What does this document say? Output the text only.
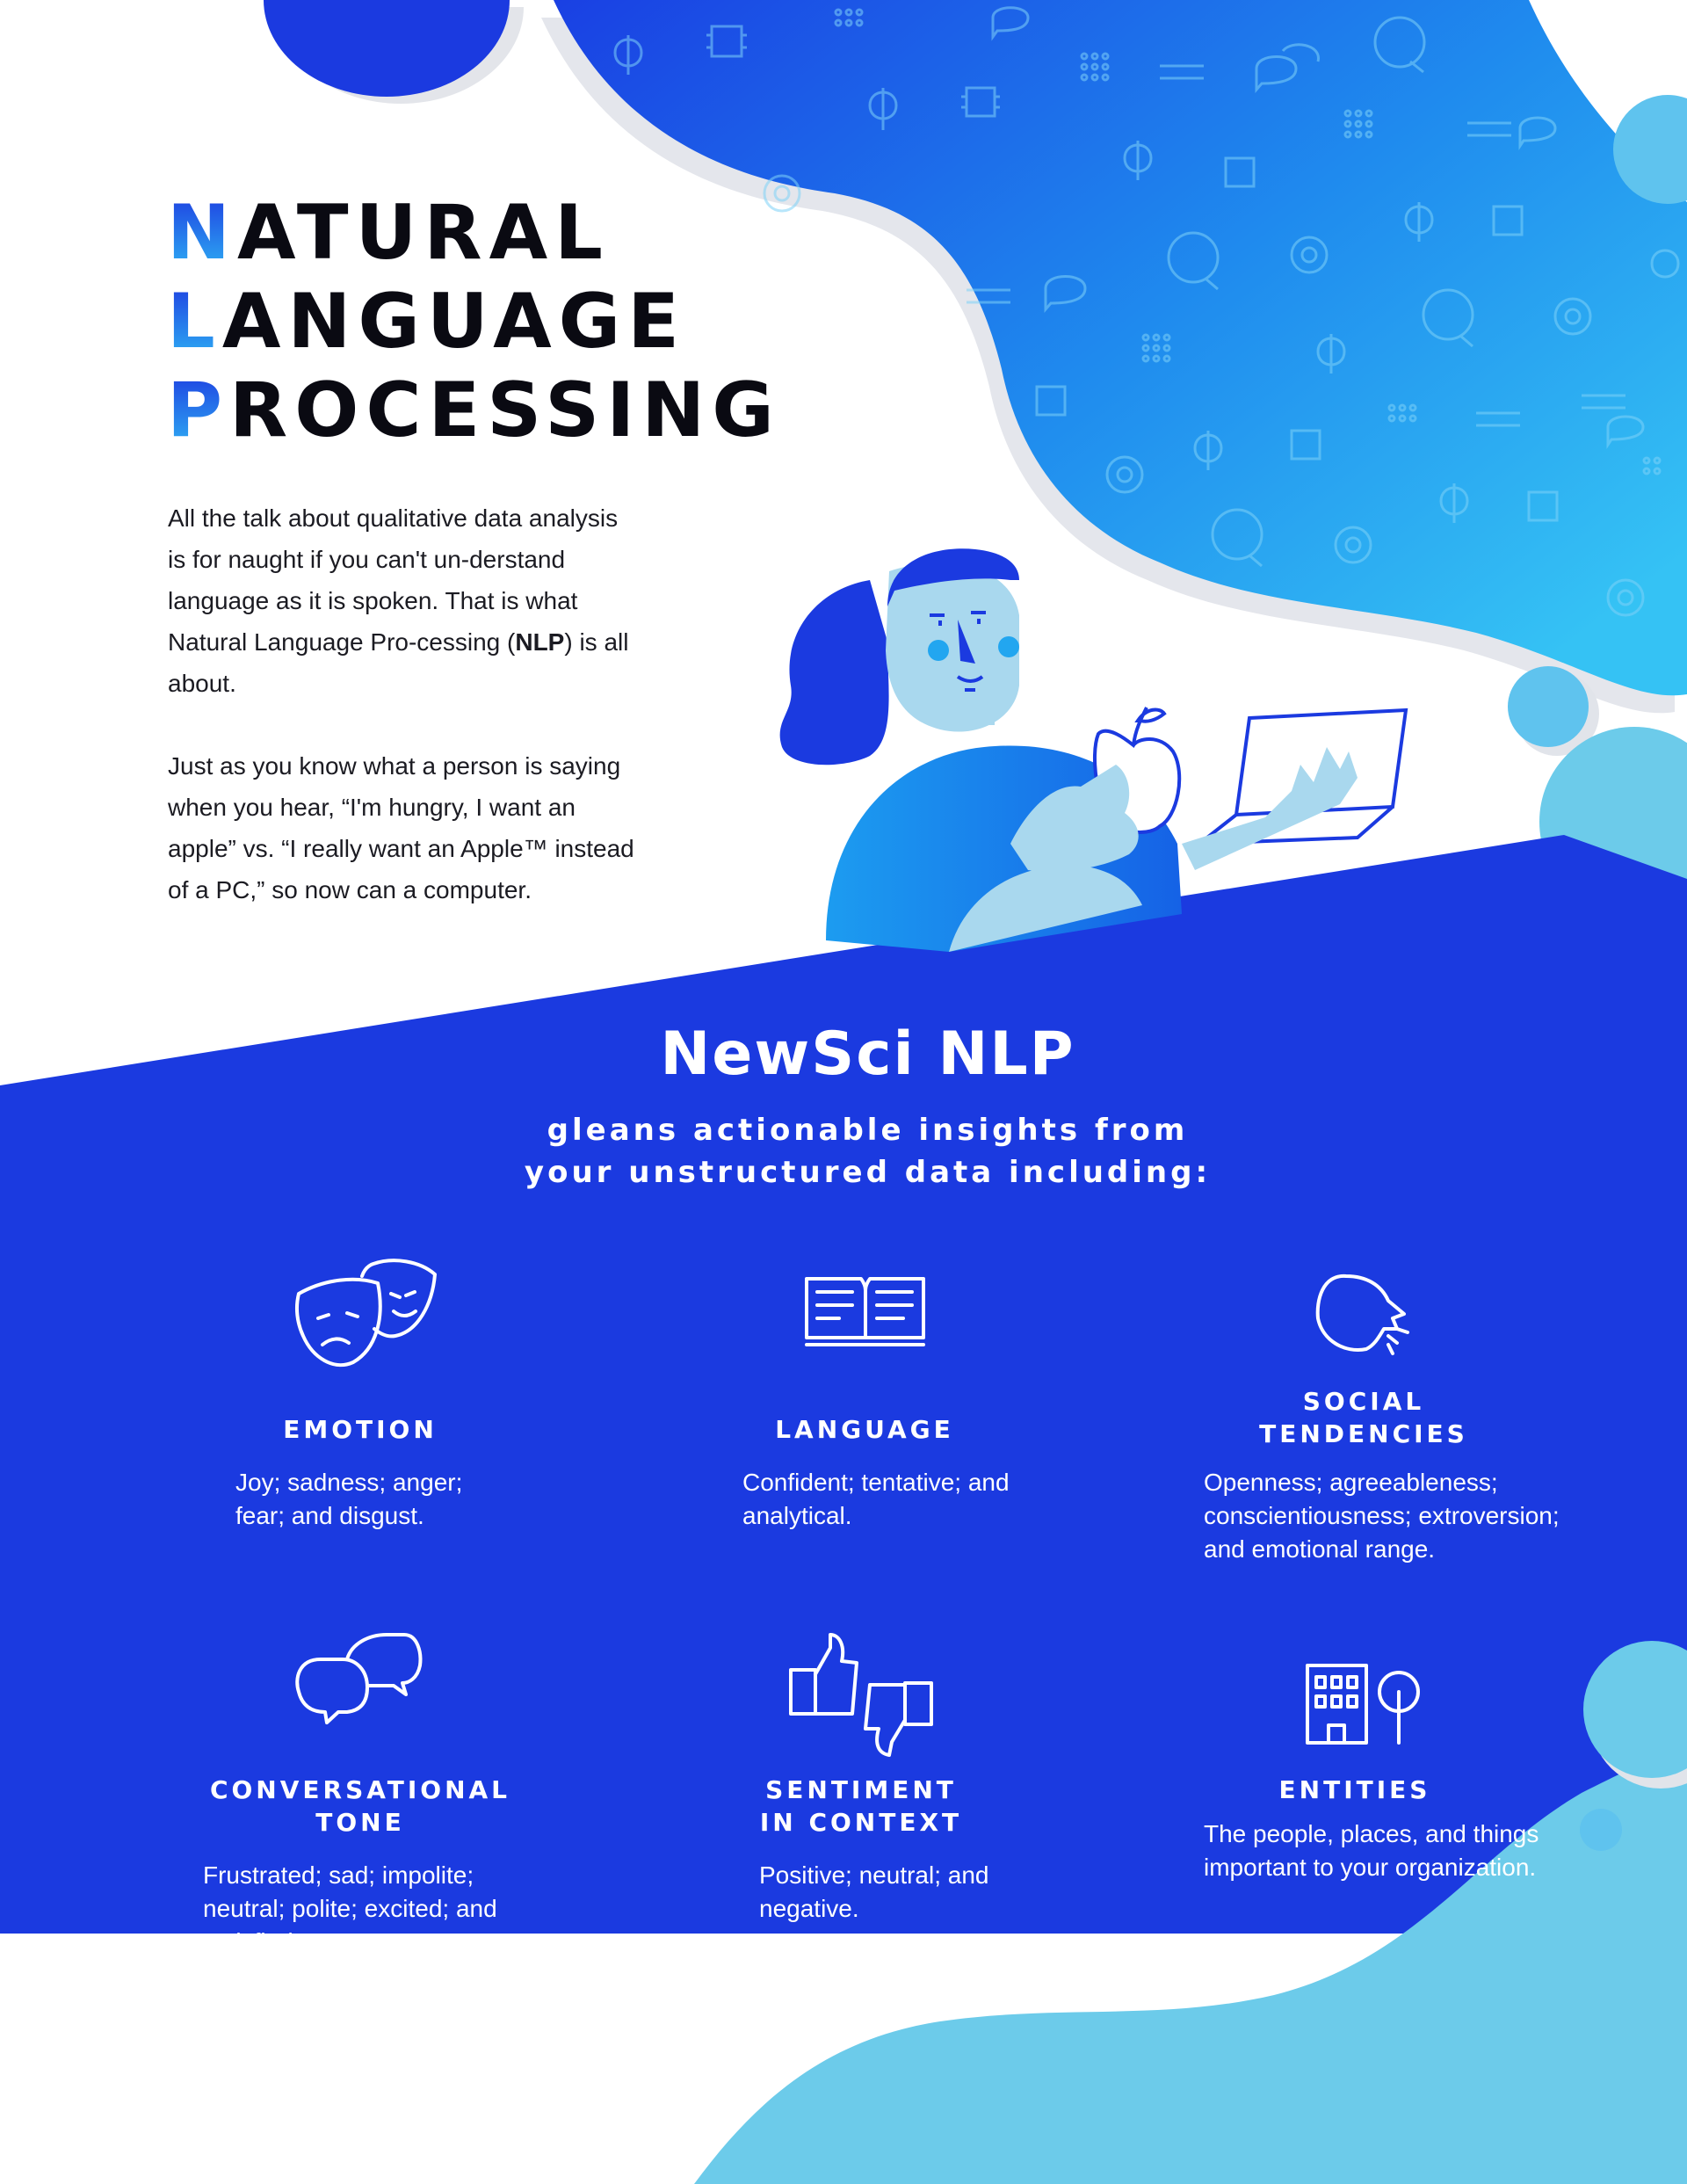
NATURAL
LANGUAGE
PROCESSING

All the talk about qualitative data analysis is for naught if you can't un-derstand language as it is spoken. That is what Natural Language Pro-cessing (NLP) is all about.

Just as you know what a person is saying when you hear, “I'm hungry, I want an apple” vs. “I really want an Apple™ instead of a PC,” so now can a computer.

NewSci NLP
gleans actionable insights from
your unstructured data including:
EMOTION
Joy; sadness; anger; fear; and disgust.
LANGUAGE
Confident; tentative; and analytical.
SOCIAL
TENDENCIES
Openness; agreeableness; conscientiousness; extroversion; and emotional range.
CONVERSATIONAL
TONE
Frustrated; sad; impolite; neutral; polite; excited; and satisfied.
SENTIMENT
IN CONTEXT
Positive; neutral; and negative.
ENTITIES
The people, places, and things important to your organization.
